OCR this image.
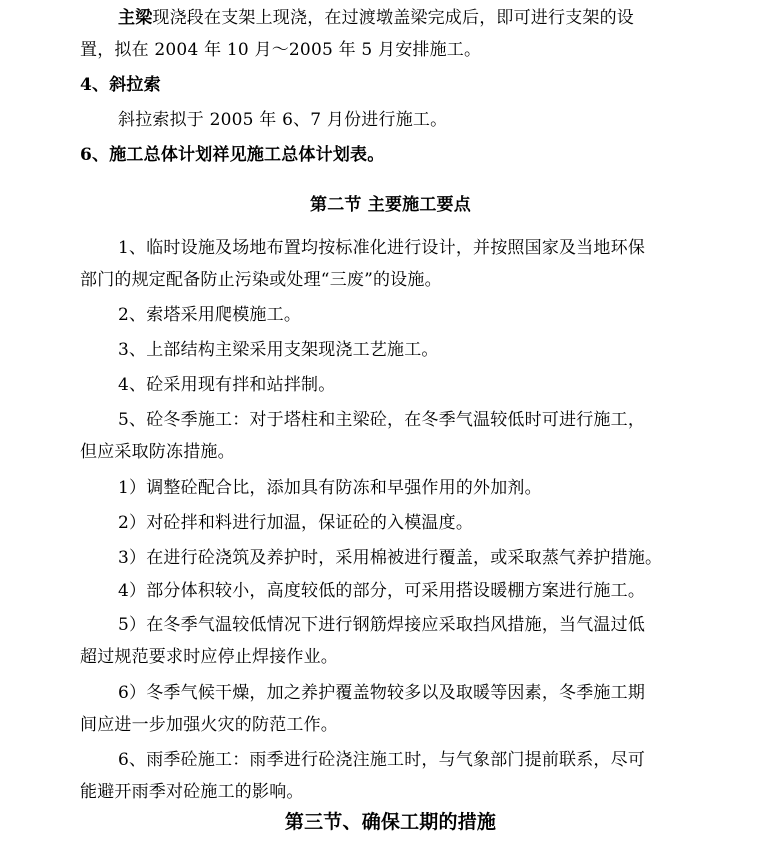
主梁现浇段在支架上现浇，在过渡墩盖梁完成后，即可进行支架的设
置，拟在 2004 年 10 月～2005 年 5 月安排施工。
4、斜拉索
斜拉索拟于 2005 年 6、7 月份进行施工。
6、施工总体计划祥见施工总体计划表。
第二节 主要施工要点
1、临时设施及场地布置均按标准化进行设计，并按照国家及当地环保
部门的规定配备防止污染或处理“三废”的设施。
2、索塔采用爬模施工。
3、上部结构主梁采用支架现浇工艺施工。
4、砼采用现有拌和站拌制。
5、砼冬季施工：对于塔柱和主梁砼，在冬季气温较低时可进行施工，
但应采取防冻措施。
1）调整砼配合比，添加具有防冻和早强作用的外加剂。
2）对砼拌和料进行加温，保证砼的入模温度。
3）在进行砼浇筑及养护时，采用棉被进行覆盖，或采取蒸气养护措施。
4）部分体积较小，高度较低的部分，可采用搭设暖棚方案进行施工。
5）在冬季气温较低情况下进行钢筋焊接应采取挡风措施，当气温过低
超过规范要求时应停止焊接作业。
6）冬季气候干燥，加之养护覆盖物较多以及取暖等因素，冬季施工期
间应进一步加强火灾的防范工作。
6、雨季砼施工：雨季进行砼浇注施工时，与气象部门提前联系，尽可
能避开雨季对砼施工的影响。
第三节、确保工期的措施
